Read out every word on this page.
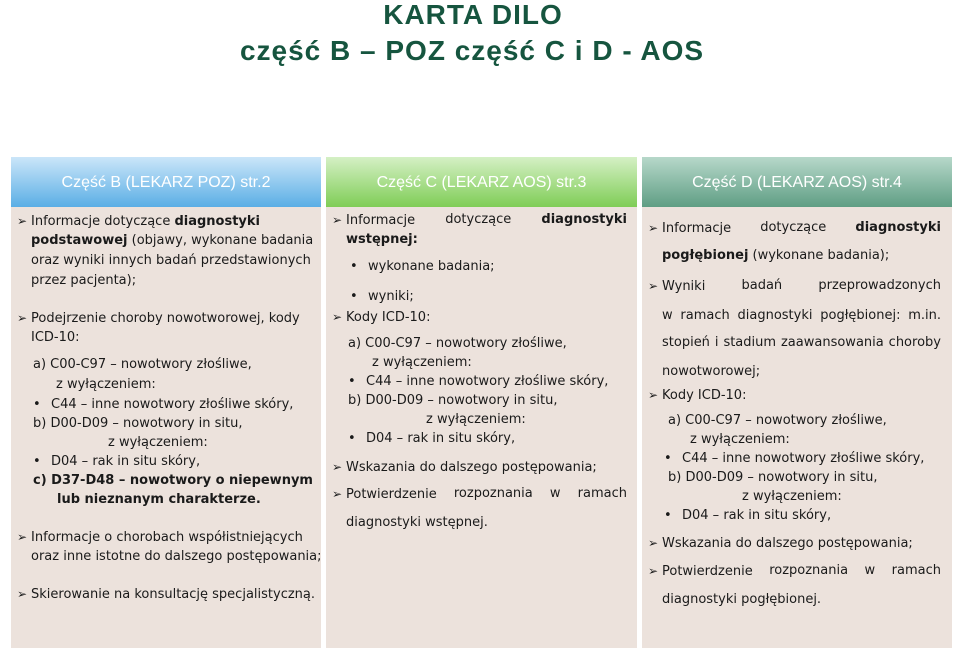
KARTA DILO
część B – POZ część C i D - AOS
Część B (LEKARZ POZ) str.2
➢ Informacje dotyczące diagnostyki
podstawowej (objawy, wykonane badania
oraz wyniki innych badań przedstawionych
przez pacjenta);
➢ Podejrzenie choroby nowotworowej, kody
ICD-10:
a) C00-C97 – nowotwory złośliwe,
z wyłączeniem:
• C44 – inne nowotwory złośliwe skóry,
b) D00-D09 – nowotwory in situ,
z wyłączeniem:
• D04 – rak in situ skóry,
c) D37-D48 – nowotwory o niepewnym
lub nieznanym charakterze.
➢ Informacje o chorobach współistniejących
oraz inne istotne do dalszego postępowania;
➢ Skierowanie na konsultację specjalistyczną.
Część C (LEKARZ AOS) str.3
➢ Informacje dotyczące diagnostyki
wstępnej:
• wykonane badania;
• wyniki;
➢ Kody ICD-10:
a) C00-C97 – nowotwory złośliwe,
z wyłączeniem:
• C44 – inne nowotwory złośliwe skóry,
b) D00-D09 – nowotwory in situ,
z wyłączeniem:
• D04 – rak in situ skóry,
➢ Wskazania do dalszego postępowania;
➢ Potwierdzenie rozpoznania w ramach
diagnostyki wstępnej.
Część D (LEKARZ AOS) str.4
➢ Informacje dotyczące diagnostyki
pogłębionej (wykonane badania);
➢ Wyniki	badań	przeprowadzonych
w ramach diagnostyki pogłębionej: m.in.
stopień i stadium zaawansowania choroby
nowotworowej;
➢ Kody ICD-10:
a) C00-C97 – nowotwory złośliwe,
z wyłączeniem:
• C44 – inne nowotwory złośliwe skóry,
b) D00-D09 – nowotwory in situ,
z wyłączeniem:
• D04 – rak in situ skóry,
➢ Wskazania do dalszego postępowania;
➢ Potwierdzenie rozpoznania w ramach
diagnostyki pogłębionej.
